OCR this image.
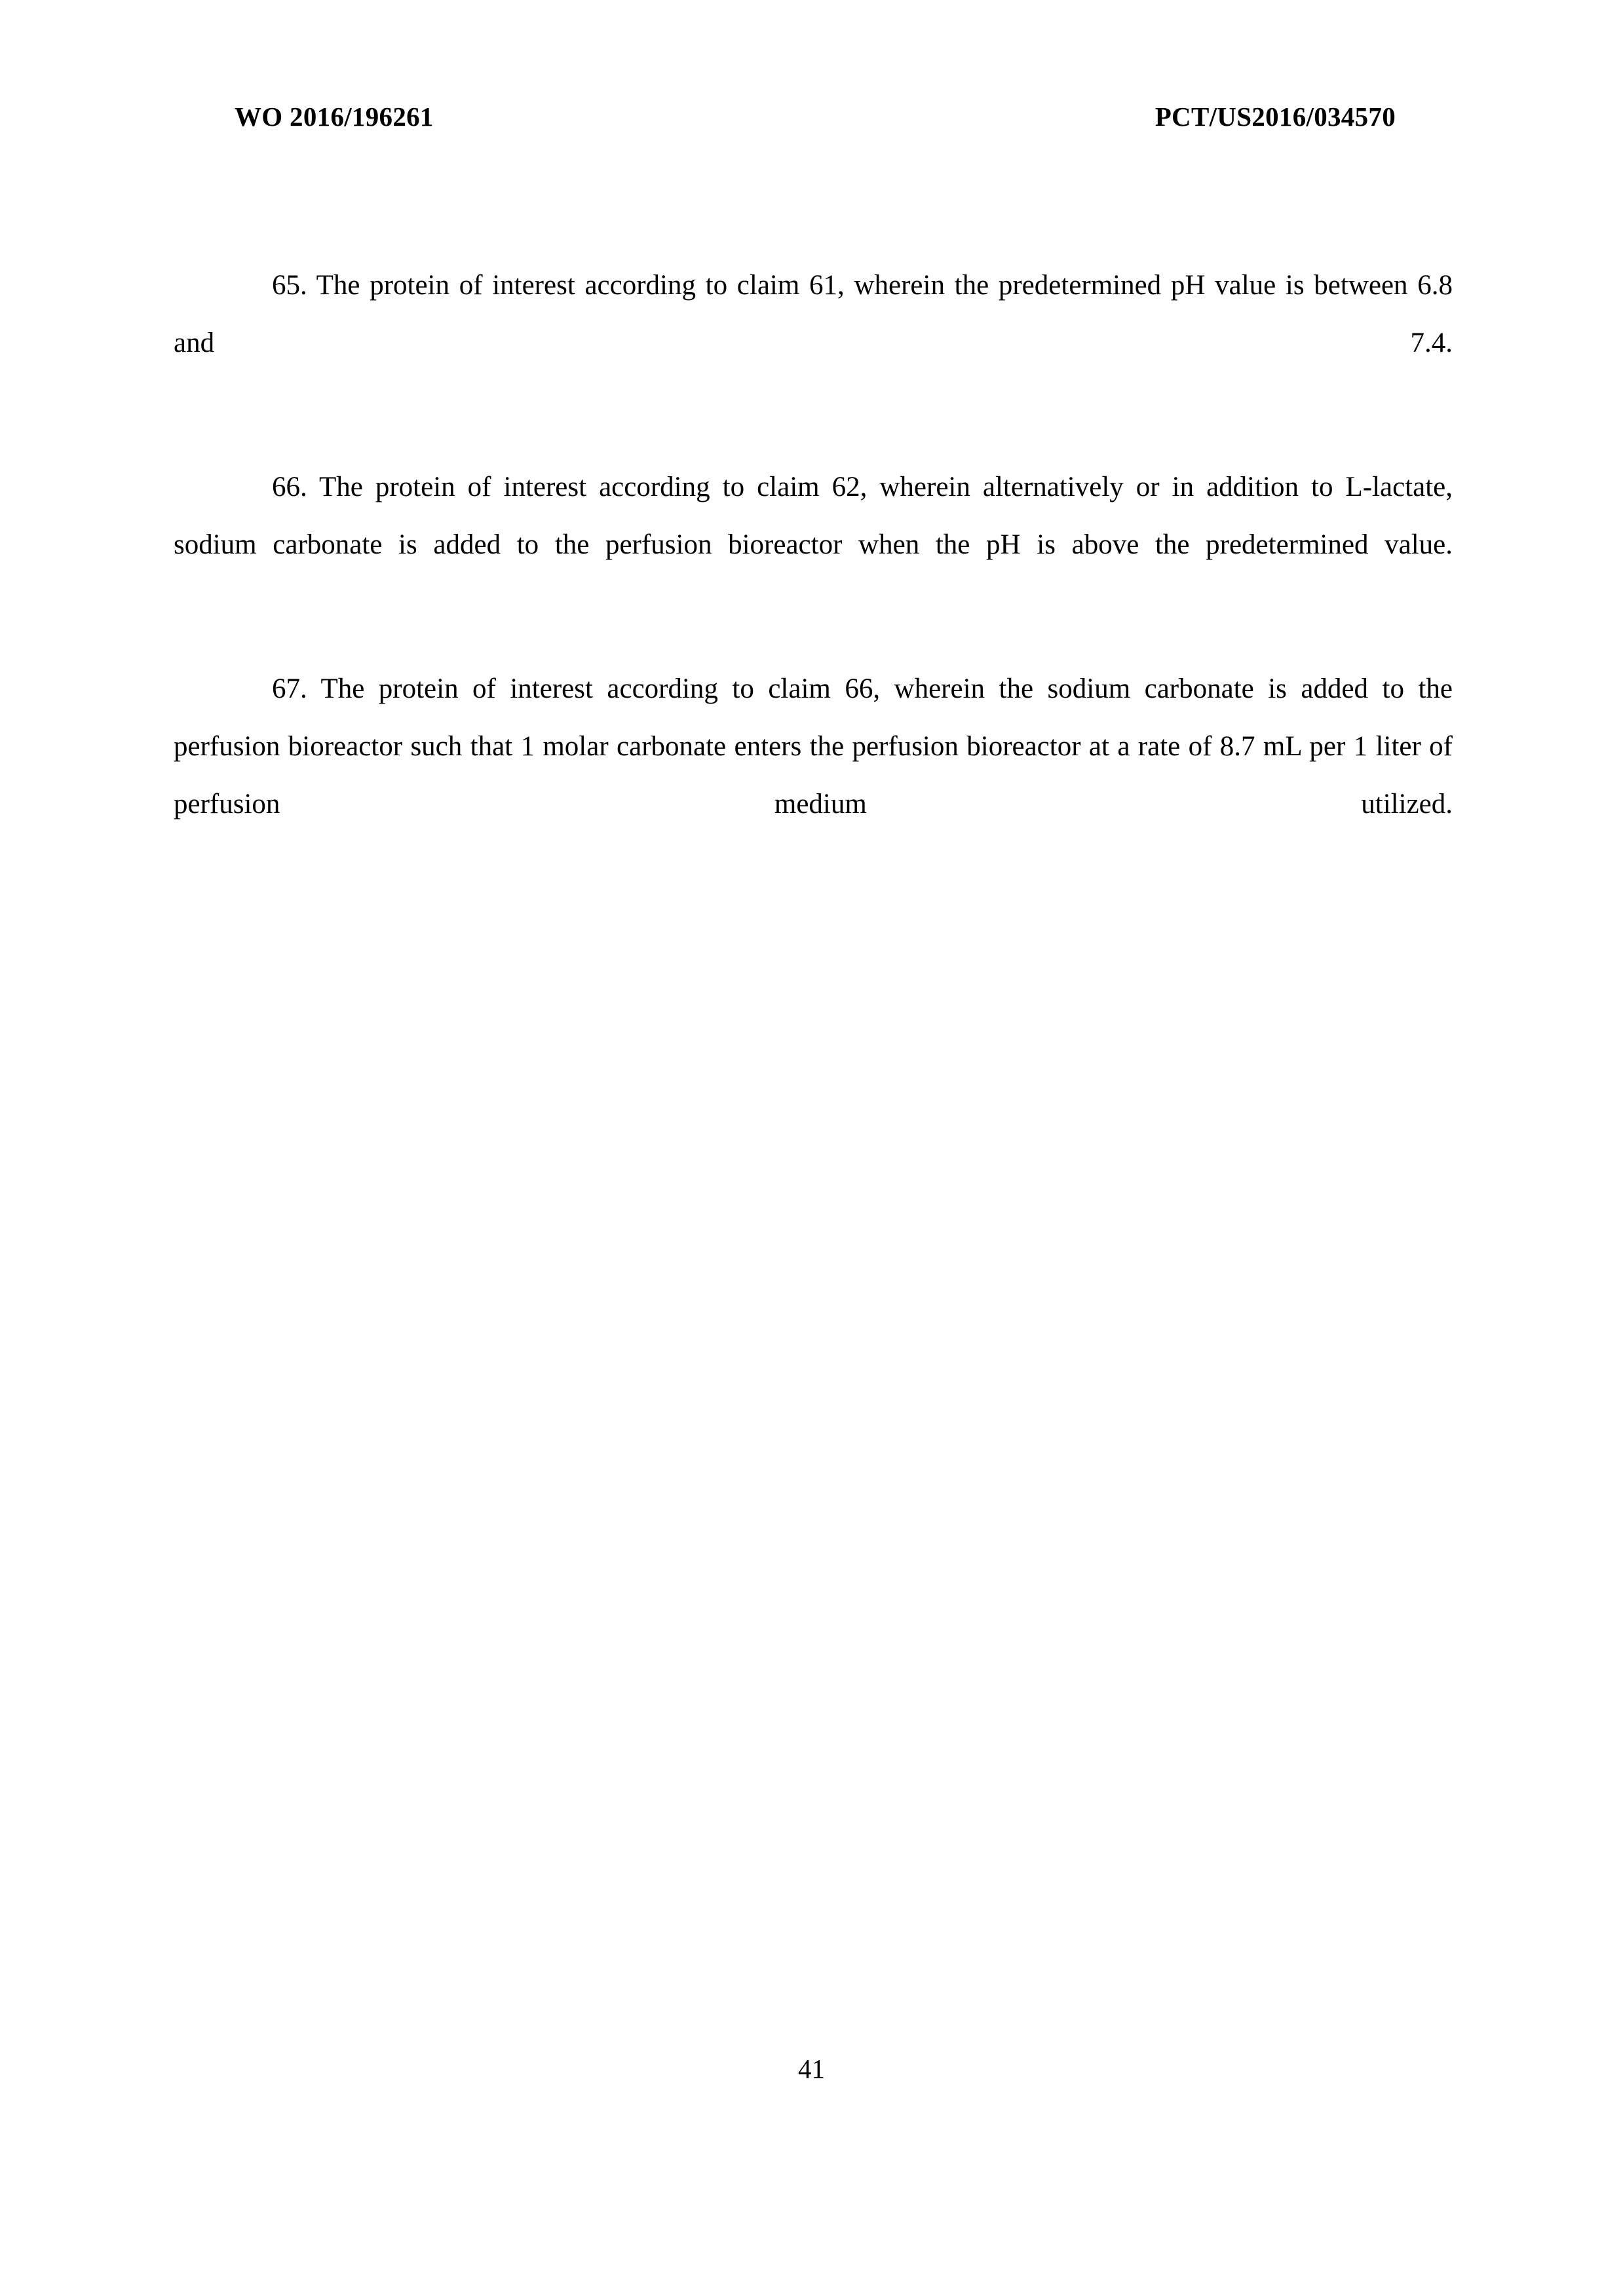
WO 2016/196261	PCT/US2016/034570

65. The protein of interest according to claim 61, wherein the predetermined pH value is between 6.8 and 7.4.

66. The protein of interest according to claim 62, wherein alternatively or in addition to L-lactate, sodium carbonate is added to the perfusion bioreactor when the pH is above the predetermined value.

67. The protein of interest according to claim 66, wherein the sodium carbonate is added to the perfusion bioreactor such that 1 molar carbonate enters the perfusion bioreactor at a rate of 8.7 mL per 1 liter of perfusion medium utilized.

41
